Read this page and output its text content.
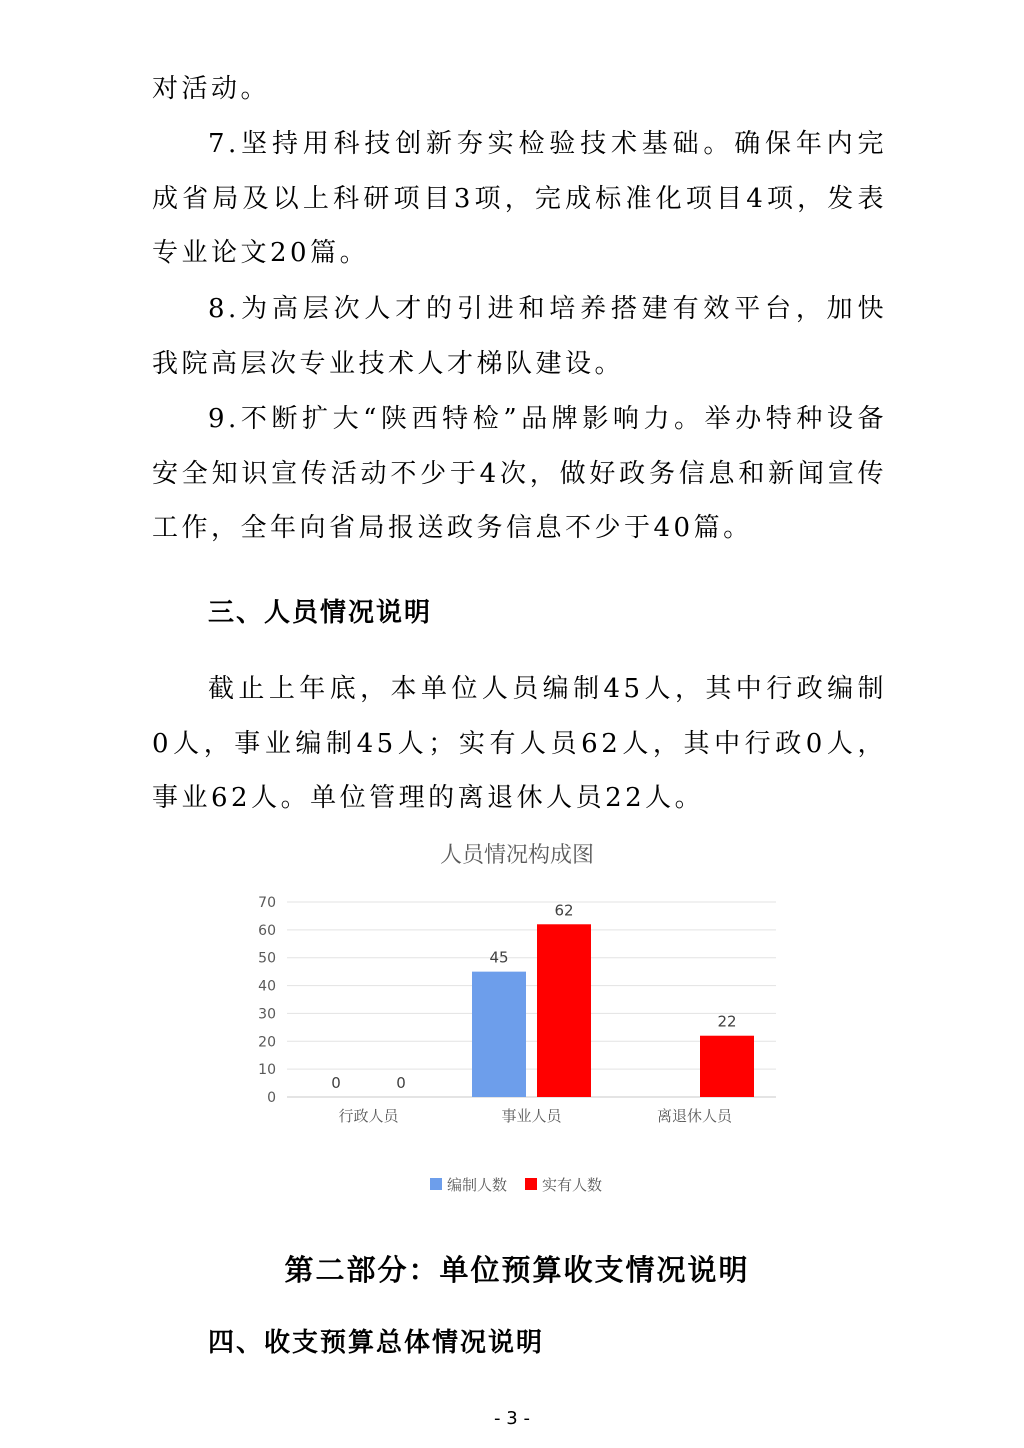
对活动。

7.坚持用科技创新夯实检验技术基础。确保年内完成省局及以上科研项目3项，完成标准化项目4项，发表专业论文20篇。

8.为高层次人才的引进和培养搭建有效平台，加快我院高层次专业技术人才梯队建设。

9.不断扩大“陕西特检”品牌影响力。举办特种设备安全知识宣传活动不少于4次，做好政务信息和新闻宣传工作，全年向省局报送政务信息不少于40篇。

三、人员情况说明

截止上年底，本单位人员编制45人，其中行政编制0人，事业编制45人；实有人员62人，其中行政0人，事业62人。单位管理的离退休人员22人。

人员情况构成图
0
10
20
30
40
50
60
70
行政人员
0	0
事业人员
45
62
离退休人员
22
编制人数 实有人数
第二部分：单位预算收支情况说明
四、收支预算总体情况说明
- 3 -
